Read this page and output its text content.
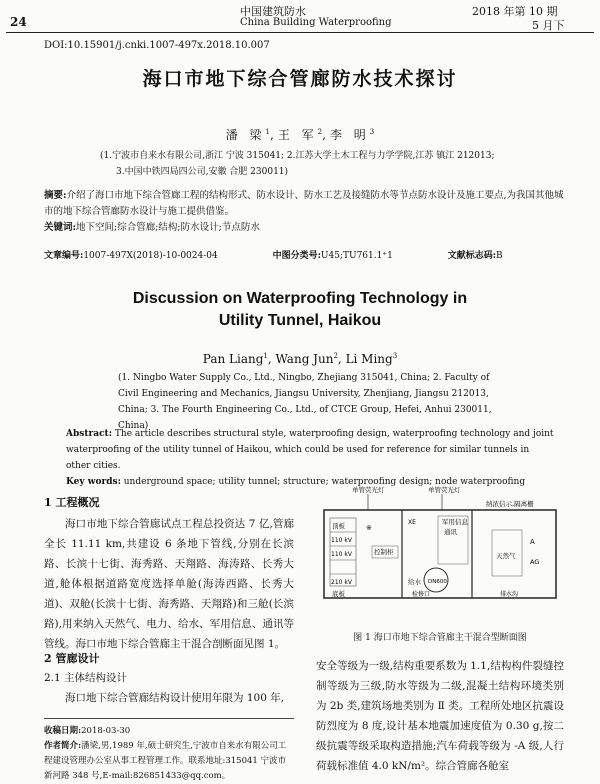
中国建筑防水
24	China Building Waterproofing
2018 年第 10 期
5 月下
DOI:10.15901/j.cnki.1007-497x.2018.10.007
海口市地下综合管廊防水技术探讨
潘 梁$^1$,王 军$^2$,李 明$^3$
(1.宁波市自来水有限公司,浙江 宁波 315041; 2.江苏大学土木工程与力学学院,江苏 镇江 212013;
3.中国中铁四局四公司,安徽 合肥 230011)
摘要:介绍了海口市地下综合管廊工程的结构形式、防水设计、防水工艺及接缝防水等节点防水设计及施工要点,为我国其他城市的地下综合管廊防水设计与施工提供借鉴。
关键词:地下空间;综合管廊;结构;防水设计;节点防水
文章编号:1007-497X(2018)-10-0024-04	中图分类号:U45;TU761.1⁺1	文献标志码:B
Discussion on Waterproofing Technology in
Utility Tunnel, Haikou
Pan Liang$^1$, Wang Jun$^2$, Li Ming$^3$
(1. Ningbo Water Supply Co., Ltd., Ningbo, Zhejiang 315041, China; 2. Faculty of Civil Engineering and Mechanics, Jiangsu University, Zhenjiang, Jiangsu 212013, China; 3. The Fourth Engineering Co., Ltd., of CTCE Group, Hefei, Anhui 230011, China)
Abstract: The article describes structural style, waterproofing design, waterproofing technology and joint waterproofing of the utility tunnel of Haikou, which could be used for reference for similar tunnels in other cities.
Key words: underground space; utility tunnel; structure; waterproofing design; node waterproofing
1 工程概况
海口市地下综合管廊试点工程总投资达 7 亿,管廊全长 11.11 km,共建设 6 条地下管线,分别在长滨路、长滨十七街、海秀路、天翔路、海涛路、长秀大道,舱体根据道路宽度选择单舱(海涛西路、长秀大道)、双舱(长滨十七街、海秀路、天翔路)和三舱(长滨路),用来纳入天然气、电力、给水、军用信息、通讯等管线。海口市地下综合管廊主干混合剖断面见图 1。
2 管廊设计
2.1 主体结构设计
海口地下综合管廊结构设计使用年限为 100 年,
收稿日期:2018-03-30
作者简介:潘梁,男,1989 年,硕士研究生,宁波市自来水有限公司工程建设管理办公室从事工程管理工作。联系地址:315041 宁波市新河路 348 号,E-mail:826851433@qq.com。
单管荧光灯	单管荧光灯
纳浓信示,隔离栅
顶板
110 kV
110 kV
210 kV
※
控制柜
底板
军用信息
通讯
XE
给水 DN600
检修口
天然气
A
AG
排水沟
图 1 海口市地下综合管廊主干混合型断面图
安全等级为一级,结构重要系数为 1.1,结构构件裂缝控制等级为三级,防水等级为二级,混凝土结构环境类别为 2b 类,建筑场地类别为 Ⅱ 类。工程所处地区抗震设防烈度为 8 度,设计基本地震加速度值为 0.30 g,按二级抗震等级采取构造措施;汽车荷载等级为 -A 级,人行荷载标准值 4.0 kN/m²。综合管廊各舱室
